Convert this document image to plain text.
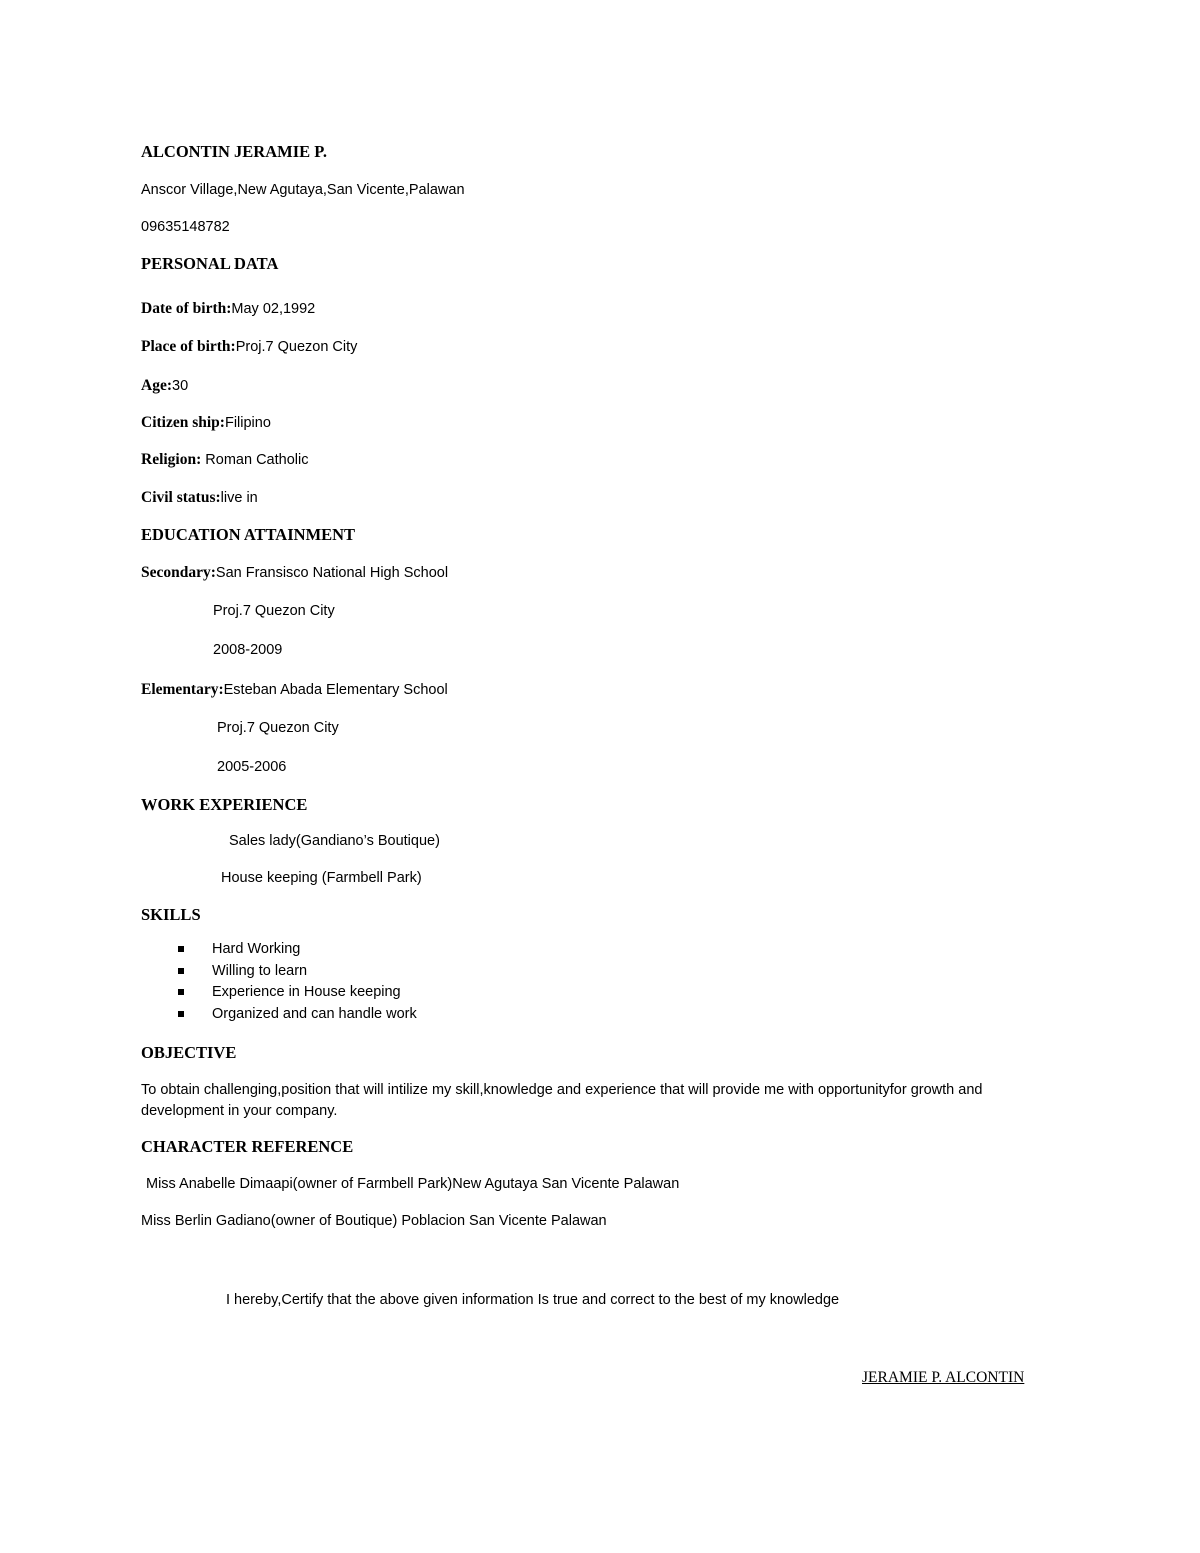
ALCONTIN JERAMIE P.
Anscor Village,New Agutaya,San Vicente,Palawan
09635148782
PERSONAL DATA
Date of birth:May 02,1992
Place of birth:Proj.7 Quezon City
Age:30
Citizen ship:Filipino
Religion: Roman Catholic
Civil status:live in
EDUCATION ATTAINMENT
Secondary:San Fransisco National High School
Proj.7 Quezon City
2008-2009
Elementary:Esteban Abada Elementary School
Proj.7 Quezon City
2005-2006
WORK EXPERIENCE
Sales lady(Gandiano’s Boutique)
House keeping (Farmbell Park)
SKILLS
Hard Working
Willing to learn
Experience in House keeping
Organized and can handle work
OBJECTIVE
To obtain challenging,position that will intilize my skill,knowledge and experience that will provide me with opportunityfor growth and development in your company.
CHARACTER REFERENCE
Miss Anabelle Dimaapi(owner of Farmbell Park)New Agutaya San Vicente Palawan
Miss Berlin Gadiano(owner of Boutique) Poblacion San Vicente Palawan
I hereby,Certify that the above given information Is true and correct to the best of my knowledge
JERAMIE P. ALCONTIN
